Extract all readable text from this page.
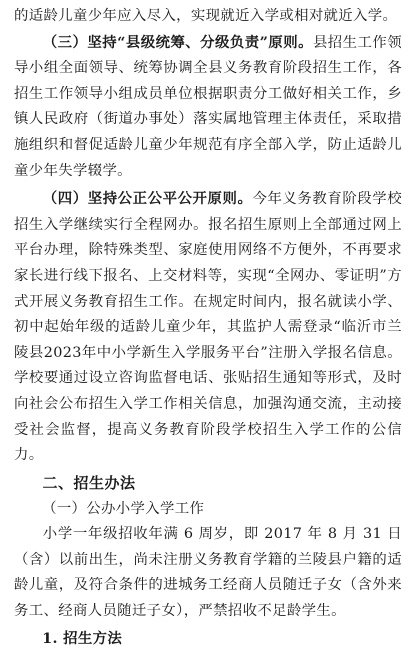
的适龄儿童少年应入尽入，实现就近入学或相对就近入学。

（三）坚持“县级统筹、分级负责”原则。县招生工作领导小组全面领导、统筹协调全县义务教育阶段招生工作，各招生工作领导小组成员单位根据职责分工做好相关工作，乡镇人民政府（街道办事处）落实属地管理主体责任，采取措施组织和督促适龄儿童少年规范有序全部入学，防止适龄儿童少年失学辍学。

（四）坚持公正公平公开原则。今年义务教育阶段学校招生入学继续实行全程网办。报名招生原则上全部通过网上平台办理，除特殊类型、家庭使用网络不方便外，不再要求家长进行线下报名、上交材料等，实现“全网办、零证明”方式开展义务教育招生工作。在规定时间内，报名就读小学、初中起始年级的适龄儿童少年，其监护人需登录“临沂市兰陵县2023年中小学新生入学服务平台”注册入学报名信息。学校要通过设立咨询监督电话、张贴招生通知等形式，及时向社会公布招生入学工作相关信息，加强沟通交流，主动接受社会监督，提高义务教育阶段学校招生入学工作的公信力。

二、招生办法

（一）公办小学入学工作

小学一年级招收年满 6 周岁，即 2017 年 8 月 31 日（含）以前出生，尚未注册义务教育学籍的兰陵县户籍的适龄儿童，及符合条件的进城务工经商人员随迁子女（含外来务工、经商人员随迁子女），严禁招收不足龄学生。

1. 招生方法
